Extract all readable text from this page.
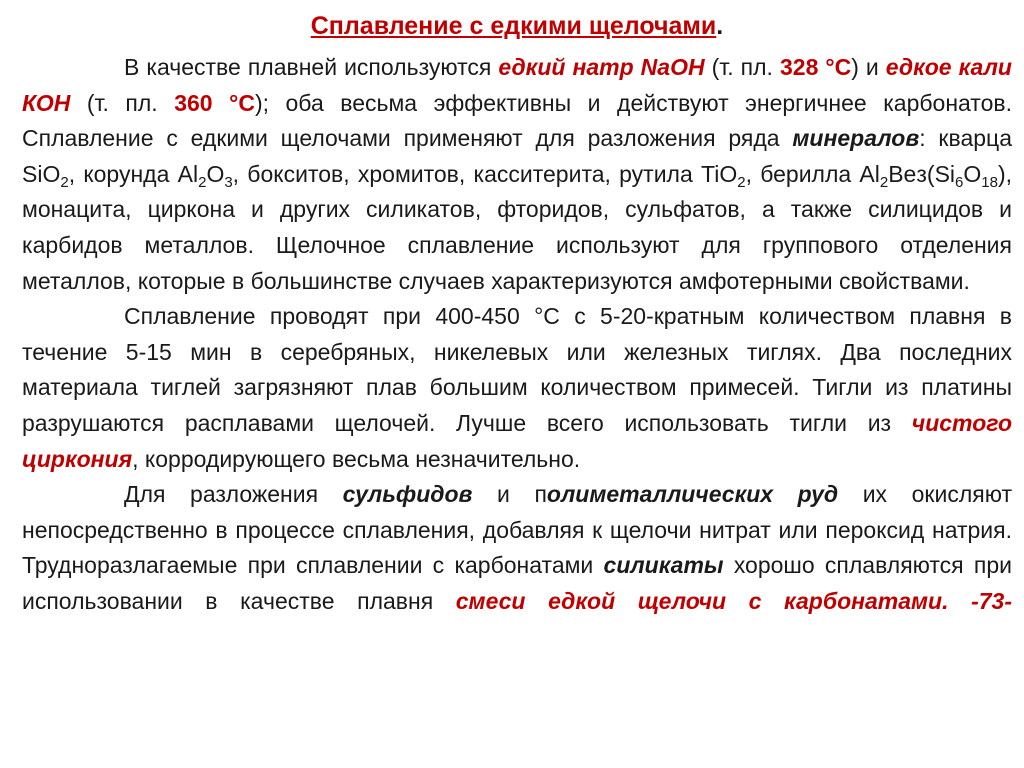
Сплавление с едкими щелочами.

В качестве плавней используются едкий натр NaOH (т. пл. 328 °С) и едкое кали КОН (т. пл. 360 °С); оба весьма эффективны и действуют энергичнее карбонатов. Сплавление с едкими щелочами применяют для разложения ряда минералов: кварца SiO$_2$, корунда $Al_2O_3$, бокситов, хромитов, касситерита, рутила TiO$_2$, берилла $Al_2Beз(Si_6O_{18})$, монацита, циркона и других силикатов, фторидов, сульфатов, а также силицидов и карбидов металлов. Щелочное сплавление используют для группового отделения металлов, которые в большинстве случаев характеризуются амфотерными свойствами.

Сплавление проводят при 400-450 °С с 5-20-кратным количеством плавня в течение 5-15 мин в серебряных, никелевых или железных тиглях. Два последних материала тиглей загрязняют плав большим количеством примесей. Тигли из платины разрушаются расплавами щелочей. Лучше всего использовать тигли из чистого циркония, корродирующего весьма незначительно.

Для разложения сульфидов и полиметаллических руд их окисляют непосредственно в процессе сплавления, добавляя к щелочи нитрат или пероксид натрия. Трудноразлагаемые при сплавлении с карбонатами силикаты хорошо сплавляются при использовании в качестве плавня смеси едкой щелочи с карбонатами. -73-
